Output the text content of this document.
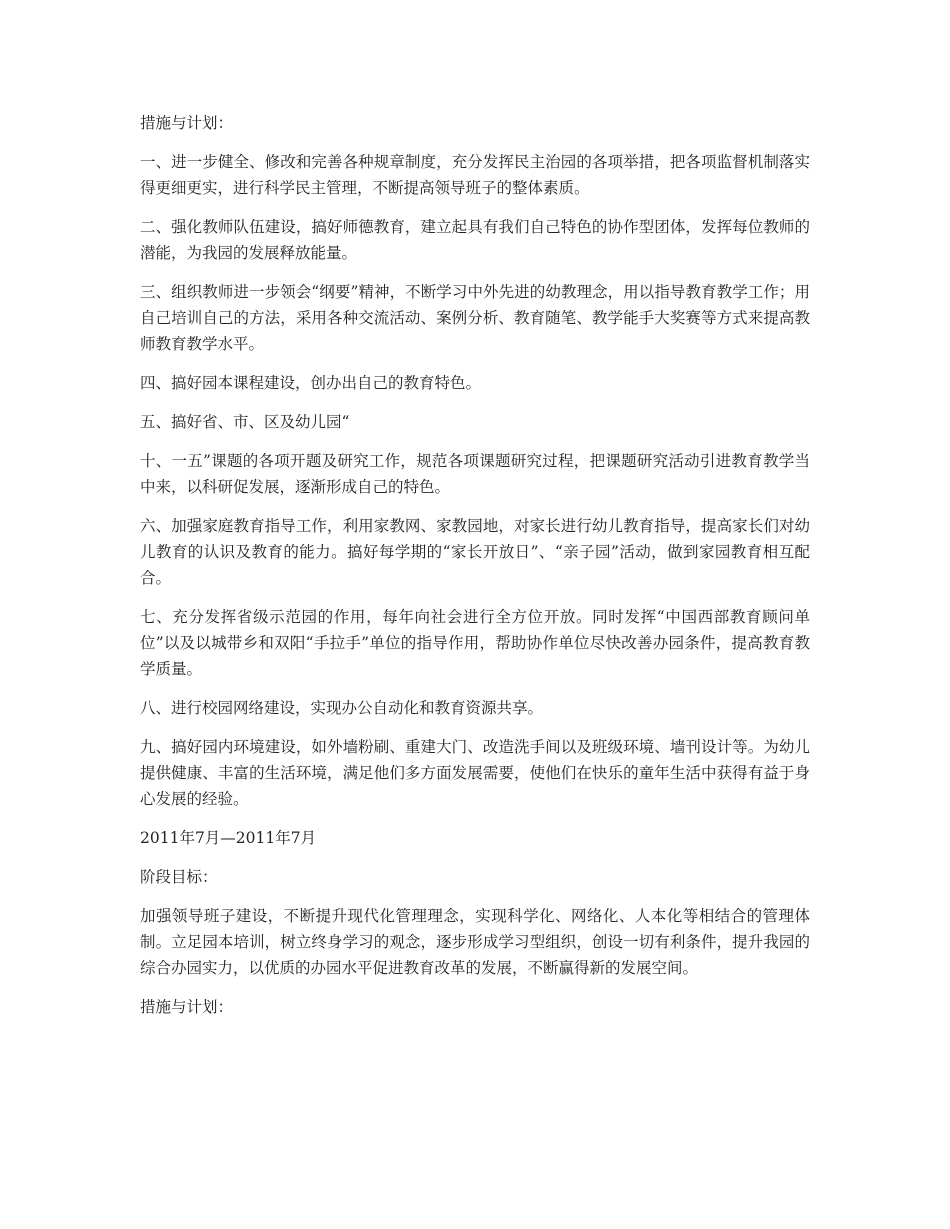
措施与计划：

一、进一步健全、修改和完善各种规章制度，充分发挥民主治园的各项举措，把各项监督机制落实得更细更实，进行科学民主管理，不断提高领导班子的整体素质。

二、强化教师队伍建设，搞好师德教育，建立起具有我们自己特色的协作型团体，发挥每位教师的潜能，为我园的发展释放能量。

三、组织教师进一步领会“纲要”精神，不断学习中外先进的幼教理念，用以指导教育教学工作；用自己培训自己的方法，采用各种交流活动、案例分析、教育随笔、教学能手大奖赛等方式来提高教师教育教学水平。

四、搞好园本课程建设，创办出自己的教育特色。

五、搞好省、市、区及幼儿园“

十、一五”课题的各项开题及研究工作，规范各项课题研究过程，把课题研究活动引进教育教学当中来，以科研促发展，逐渐形成自己的特色。

六、加强家庭教育指导工作，利用家教网、家教园地，对家长进行幼儿教育指导，提高家长们对幼儿教育的认识及教育的能力。搞好每学期的“家长开放日”、“亲子园”活动，做到家园教育相互配合。

七、充分发挥省级示范园的作用，每年向社会进行全方位开放。同时发挥“中国西部教育顾问单位”以及以城带乡和双阳“手拉手”单位的指导作用，帮助协作单位尽快改善办园条件，提高教育教学质量。

八、进行校园网络建设，实现办公自动化和教育资源共享。

九、搞好园内环境建设，如外墙粉刷、重建大门、改造洗手间以及班级环境、墙刊设计等。为幼儿提供健康、丰富的生活环境，满足他们多方面发展需要，使他们在快乐的童年生活中获得有益于身心发展的经验。

2011年7月—2011年7月

阶段目标：

加强领导班子建设，不断提升现代化管理理念，实现科学化、网络化、人本化等相结合的管理体制。立足园本培训，树立终身学习的观念，逐步形成学习型组织，创设一切有利条件，提升我园的综合办园实力，以优质的办园水平促进教育改革的发展，不断赢得新的发展空间。

措施与计划：
